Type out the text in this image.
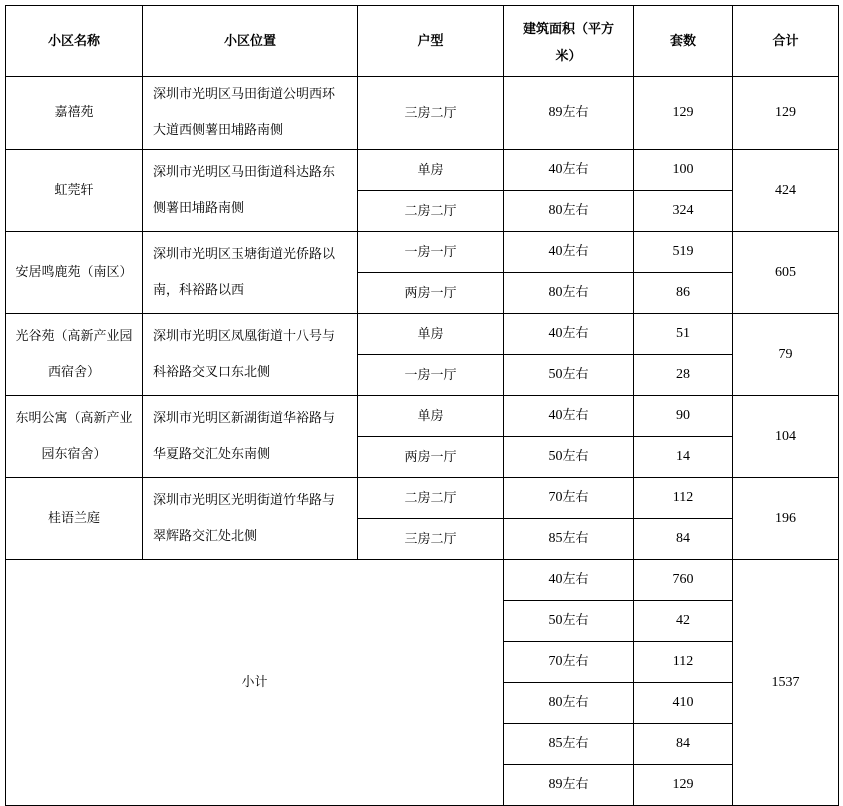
小区名称	小区位置	户型	建筑面积（平方
米）	套数	合计

嘉禧苑	深圳市光明区马田街道公明西环大道西侧薯田埔路南侧	三房二厅	89左右	129	129

虹莞轩	深圳市光明区马田街道科达路东侧薯田埔路南侧	单房	40左右	100	424
		二房二厅	80左右	324	

安居鸣鹿苑（南区）	深圳市光明区玉塘街道光侨路以南，科裕路以西	一房一厅	40左右	519	605
		两房一厅	80左右	86	

光谷苑（高新产业园西宿舍）	深圳市光明区凤凰街道十八号与科裕路交叉口东北侧	单房	40左右	51	79
		一房一厅	50左右	28	

东明公寓（高新产业园东宿舍）	深圳市光明区新湖街道华裕路与华夏路交汇处东南侧	单房	40左右	90	104
		两房一厅	50左右	14	

桂语兰庭	深圳市光明区光明街道竹华路与翠辉路交汇处北侧	二房二厅	70左右	112	196
		三房二厅	85左右	84	
小计			40左右	760	1537
			50左右	42	
			70左右	112	
			80左右	410	
			85左右	84	
			89左右	129	
